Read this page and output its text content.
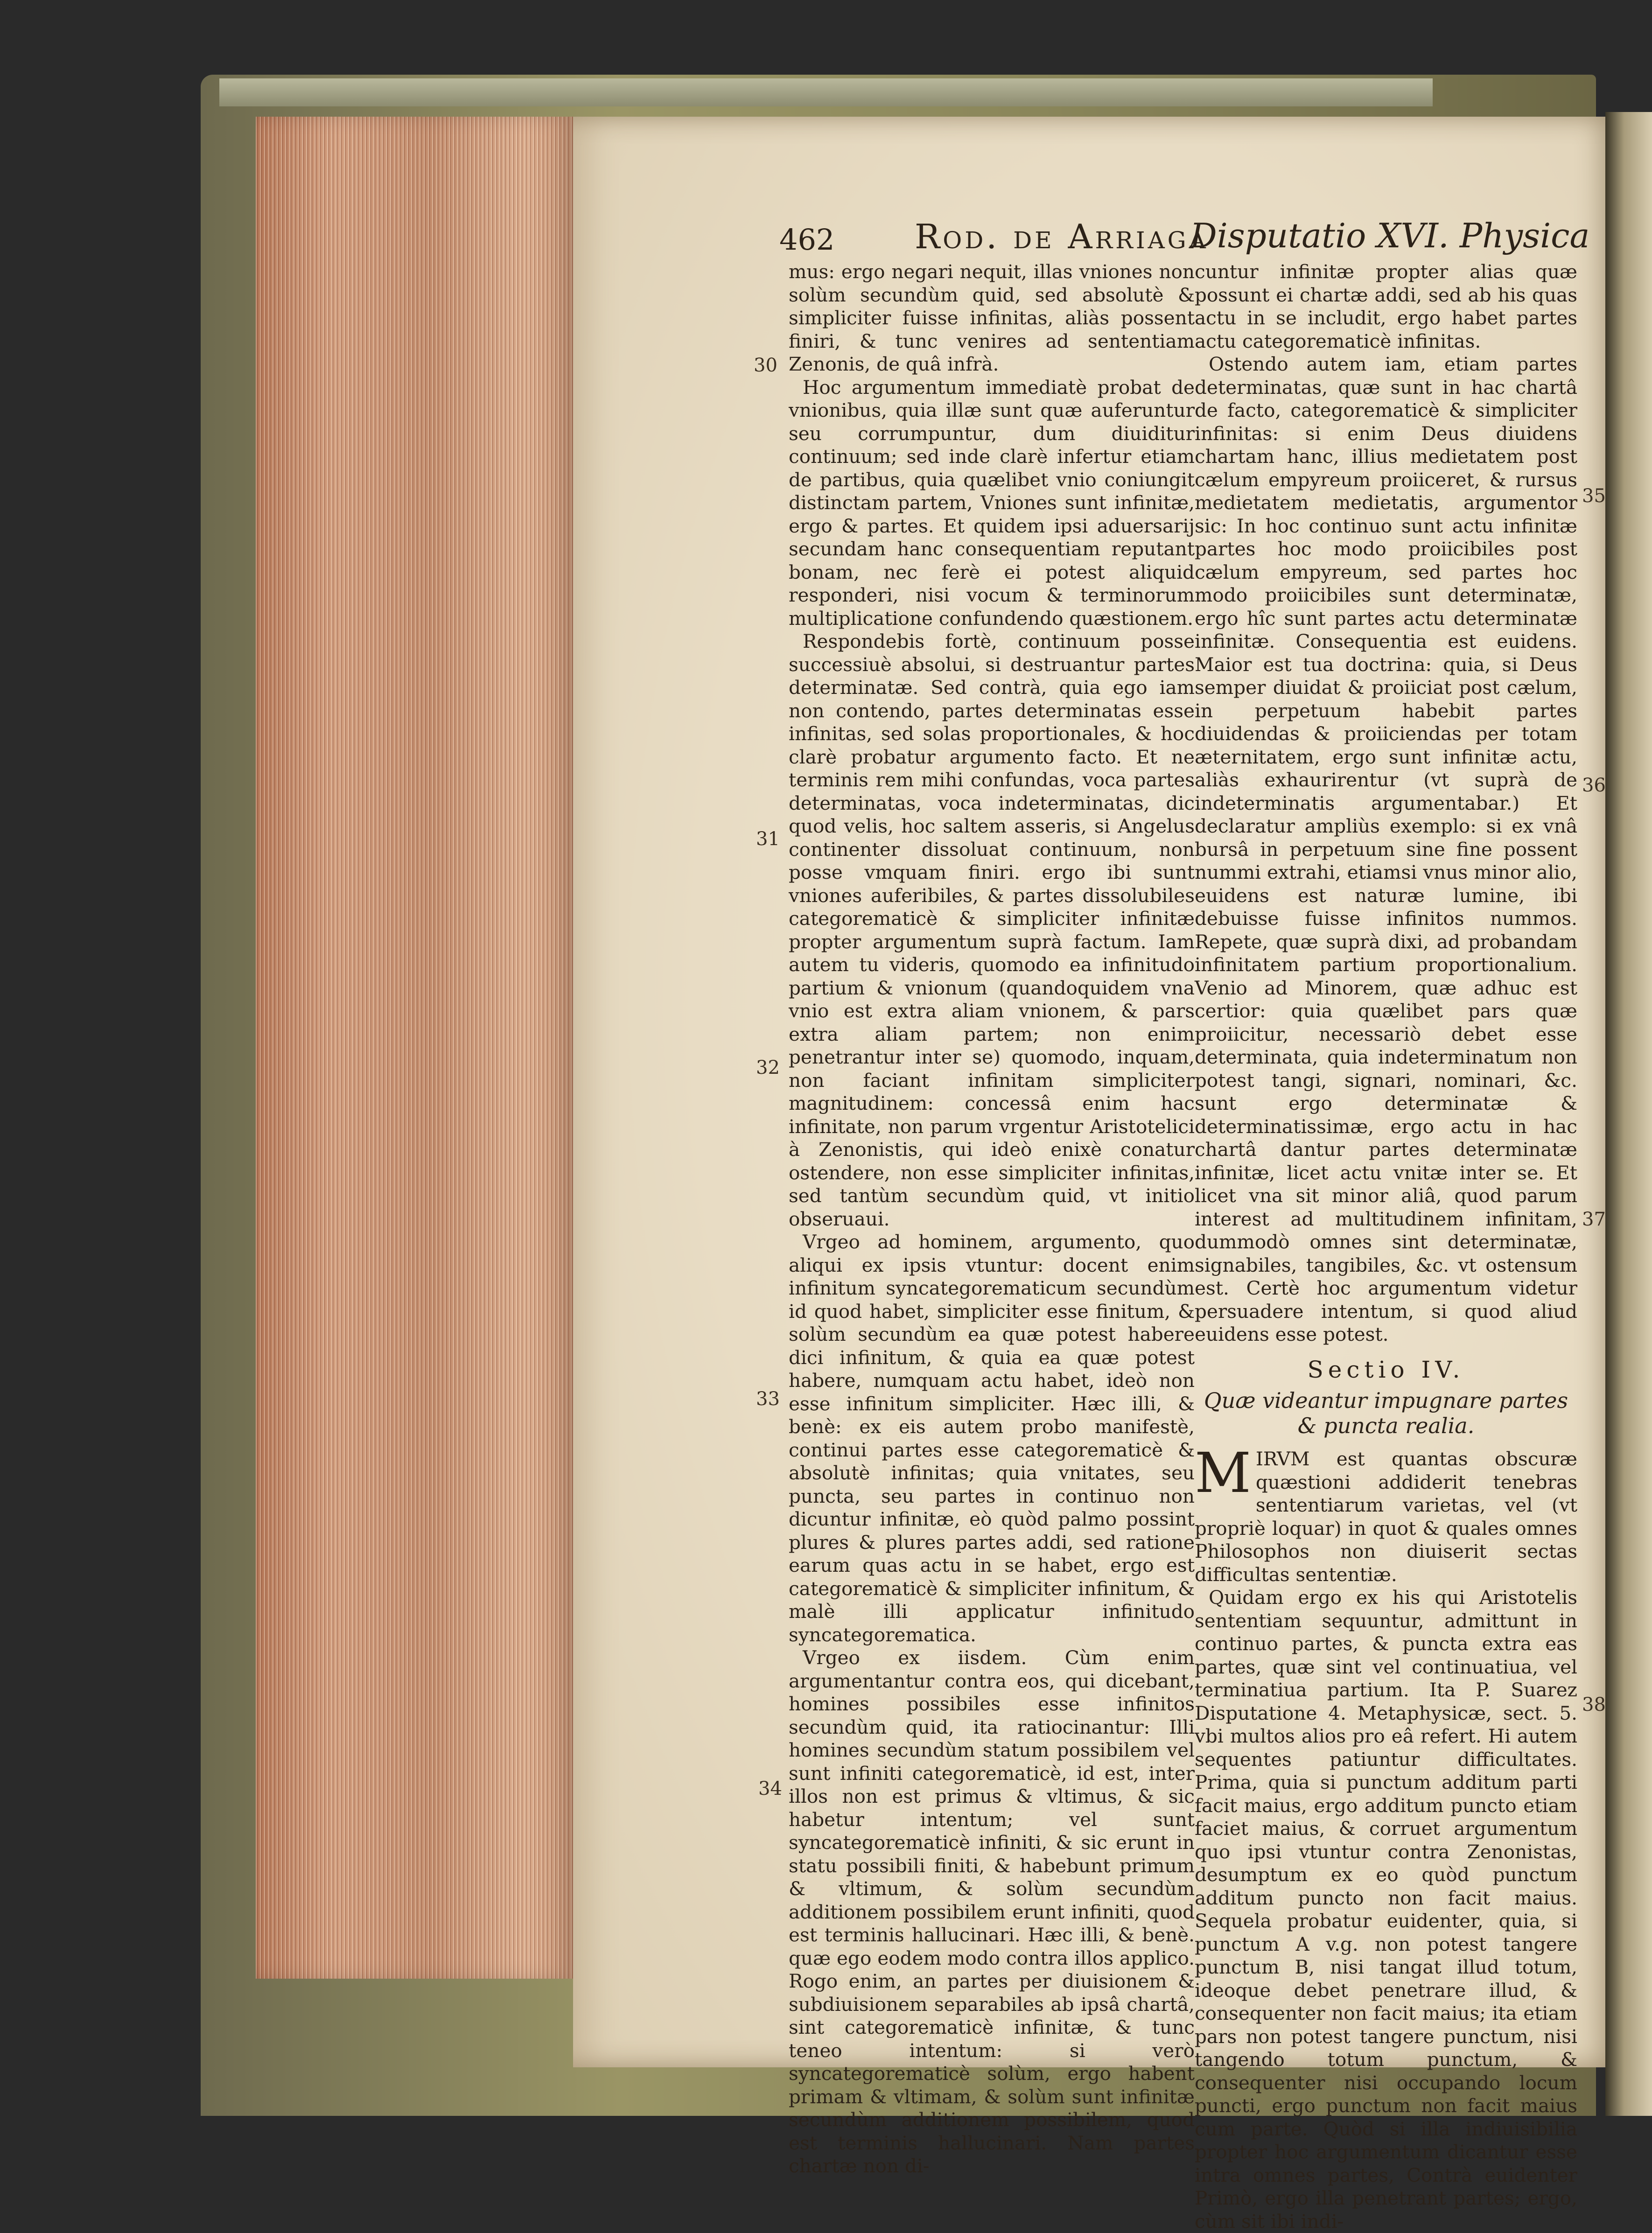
462 Rod. de Arriaga
Disputatio XVI. Physica

mus: ergo negari nequit, illas vniones non solùm secundùm quid, sed absolutè & simpliciter fuisse infinitas, aliàs possent finiri, & tunc venires ad sententiam Zenonis, de quâ infrà.

Hoc argumentum immediatè probat de vnionibus, quia illæ sunt quæ auferuntur seu corrumpuntur, dum diuiditur continuum; sed inde clarè infertur etiam de partibus, quia quælibet vnio coniungit distinctam partem, Vniones sunt infinitæ, ergo & partes. Et quidem ipsi aduersarij secundam hanc consequentiam reputant bonam, nec ferè ei potest aliquid responderi, nisi vocum & terminorum multiplicatione confundendo quæstionem.

Respondebis fortè, continuum posse successiuè absolui, si destruantur partes determinatæ. Sed contrà, quia ego iam non contendo, partes determinatas esse infinitas, sed solas proportionales, & hoc clarè probatur argumento facto. Et ne terminis rem mihi confundas, voca partes determinatas, voca indeterminatas, dic quod velis, hoc saltem asseris, si Angelus continenter dissoluat continuum, non posse vmquam finiri. ergo ibi sunt vniones auferibiles, & partes dissolubiles categorematicè & simpliciter infinitæ propter argumentum suprà factum. Iam autem tu videris, quomodo ea infinitudo partium & vnionum (quandoquidem vna vnio est extra aliam vnionem, & pars extra aliam partem; non enim penetrantur inter se) quomodo, inquam, non faciant infinitam simpliciter magnitudinem: concessâ enim hac infinitate, non parum vrgentur Aristotelici à Zenonistis, qui ideò enixè conatur ostendere, non esse simpliciter infinitas, sed tantùm secundùm quid, vt initio obseruaui.

Vrgeo ad hominem, argumento, quo aliqui ex ipsis vtuntur: docent enim infinitum syncategorematicum secundùm id quod habet, simpliciter esse finitum, & solùm secundùm ea quæ potest habere dici infinitum, & quia ea quæ potest habere, numquam actu habet, ideò non esse infinitum simpliciter. Hæc illi, & benè: ex eis autem probo manifestè, continui partes esse categorematicè & absolutè infinitas; quia vnitates, seu puncta, seu partes in continuo non dicuntur infinitæ, eò quòd palmo possint plures & plures partes addi, sed ratione earum quas actu in se habet, ergo est categorematicè & simpliciter infinitum, & malè illi applicatur infinitudo syncategorematica.

Vrgeo ex iisdem. Cùm enim argumentantur contra eos, qui dicebant, homines possibiles esse infinitos secundùm quid, ita ratiocinantur: Illi homines secundùm statum possibilem vel sunt infiniti categorematicè, id est, inter illos non est primus & vltimus, & sic habetur intentum; vel sunt syncategorematicè infiniti, & sic erunt in statu possibili finiti, & habebunt primum & vltimum, & solùm secundùm additionem possibilem erunt infiniti, quod est terminis hallucinari. Hæc illi, & benè. quæ ego eodem modo contra illos applico. Rogo enim, an partes per diuisionem & subdiuisionem separabiles ab ipsâ chartâ, sint categorematicè infinitæ, & tunc teneo intentum: si verò syncategorematicè solùm, ergo habent primam & vltimam, & solùm sunt infinitæ secundùm additionem possibilem, quod est terminis hallucinari. Nam partes chartæ non di-

30
31
32
33
34

cuntur infinitæ propter alias quæ possunt ei chartæ addi, sed ab his quas actu in se includit, ergo habet partes actu categorematicè infinitas.

Ostendo autem iam, etiam partes determinatas, quæ sunt in hac chartâ de facto, categorematicè & simpliciter infinitas: si enim Deus diuidens chartam hanc, illius medietatem post cælum empyreum proiiceret, & rursus medietatem medietatis, argumentor sic: In hoc continuo sunt actu infinitæ partes hoc modo proiicibiles post cælum empyreum, sed partes hoc modo proiicibiles sunt determinatæ, ergo hîc sunt partes actu determinatæ infinitæ. Consequentia est euidens. Maior est tua doctrina: quia, si Deus semper diuidat & proiiciat post cælum, in perpetuum habebit partes diuidendas & proiiciendas per totam æternitatem, ergo sunt infinitæ actu, aliàs exhaurirentur (vt suprà de indeterminatis argumentabar.) Et declaratur ampliùs exemplo: si ex vnâ bursâ in perpetuum sine fine possent nummi extrahi, etiamsi vnus minor alio, euidens est naturæ lumine, ibi debuisse fuisse infinitos nummos. Repete, quæ suprà dixi, ad probandam infinitatem partium proportionalium. Venio ad Minorem, quæ adhuc est certior: quia quælibet pars quæ proiicitur, necessariò debet esse determinata, quia indeterminatum non potest tangi, signari, nominari, &c. sunt ergo determinatæ & determinatissimæ, ergo actu in hac chartâ dantur partes determinatæ infinitæ, licet actu vnitæ inter se. Et licet vna sit minor aliâ, quod parum interest ad multitudinem infinitam, dummodò omnes sint determinatæ, signabiles, tangibiles, &c. vt ostensum est. Certè hoc argumentum videtur persuadere intentum, si quod aliud euidens esse potest.

Sectio IV.
Quæ videantur impugnare partes & puncta realia.

MIRVM est quantas obscuræ quæstioni addiderit tenebras sententiarum varietas, vel (vt propriè loquar) in quot & quales omnes Philosophos non diuiserit sectas difficultas sententiæ.

Quidam ergo ex his qui Aristotelis sententiam sequuntur, admittunt in continuo partes, & puncta extra eas partes, quæ sint vel continuatiua, vel terminatiua partium. Ita P. Suarez Disputatione 4. Metaphysicæ, sect. 5. vbi multos alios pro eâ refert. Hi autem sequentes patiuntur difficultates. Prima, quia si punctum additum parti facit maius, ergo additum puncto etiam faciet maius, & corruet argumentum quo ipsi vtuntur contra Zenonistas, desumptum ex eo quòd punctum additum puncto non facit maius. Sequela probatur euidenter, quia, si punctum A v.g. non potest tangere punctum B, nisi tangat illud totum, ideoque debet penetrare illud, & consequenter non facit maius; ita etiam pars non potest tangere punctum, nisi tangendo totum punctum, & consequenter nisi occupando locum puncti, ergo punctum non facit maius cum parte. Quòd si illa indiuisibilia propter hoc argumentum dicantur esse intra omnes partes, Contrà euidenter Primò, ergo illa penetrant partes; ergo, cùm sit ibi indi-

35
36
37
38
